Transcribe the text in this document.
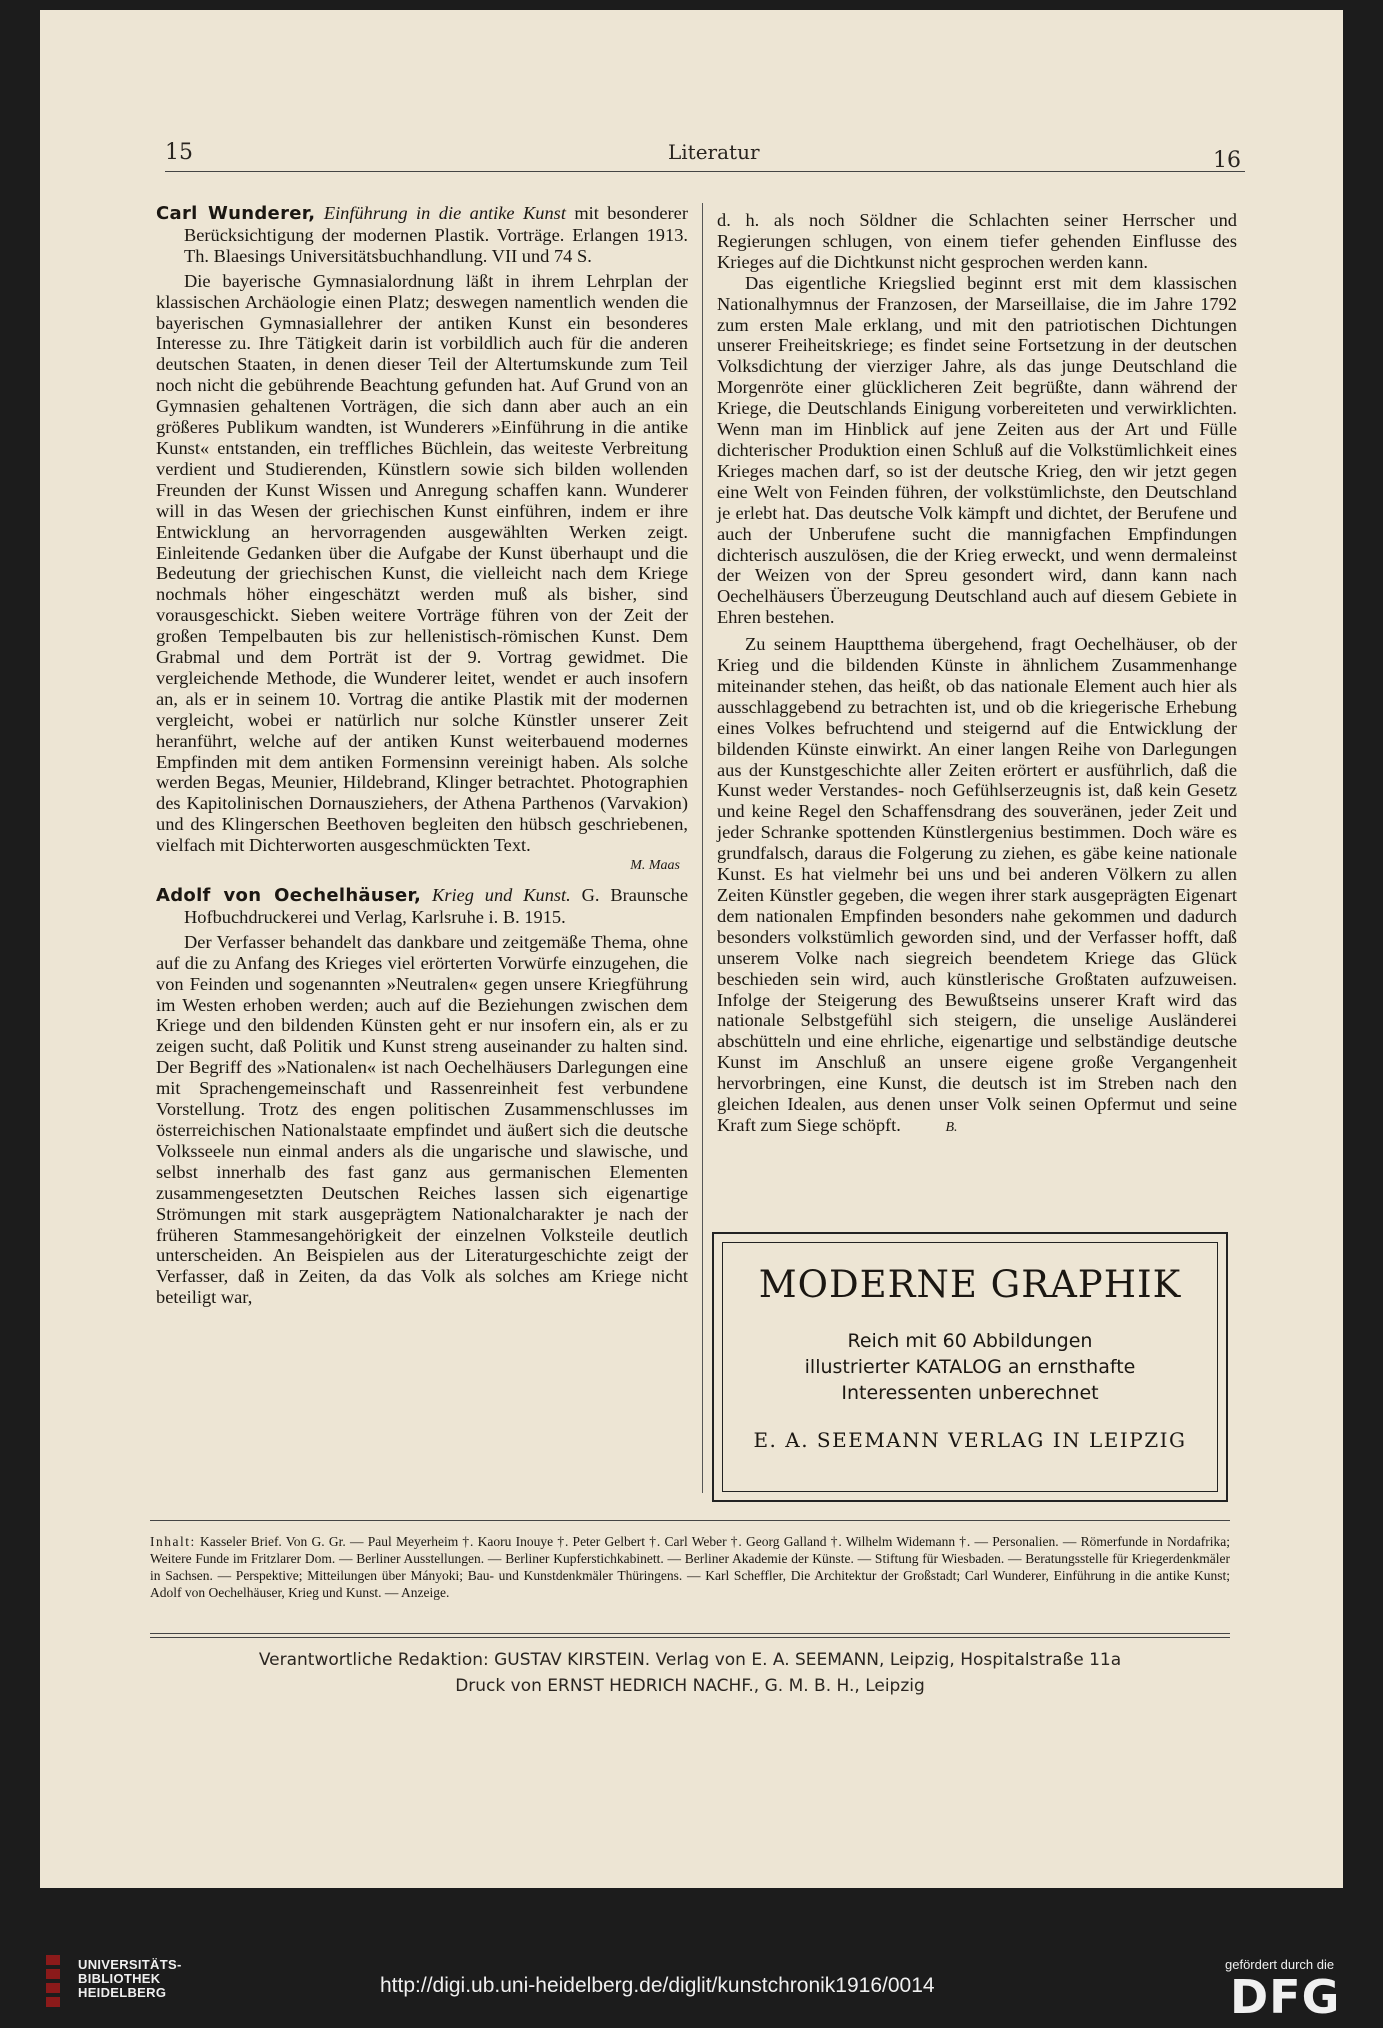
15	Literatur	16

Carl Wunderer, Einführung in die antike Kunst mit besonderer Berücksichtigung der modernen Plastik. Vorträge. Erlangen 1913. Th. Blaesings Universitätsbuchhandlung. VII und 74 S.

Die bayerische Gymnasialordnung läßt in ihrem Lehrplan der klassischen Archäologie einen Platz; deswegen namentlich wenden die bayerischen Gymnasiallehrer der antiken Kunst ein besonderes Interesse zu. Ihre Tätigkeit darin ist vorbildlich auch für die anderen deutschen Staaten, in denen dieser Teil der Altertumskunde zum Teil noch nicht die gebührende Beachtung gefunden hat. Auf Grund von an Gymnasien gehaltenen Vorträgen, die sich dann aber auch an ein größeres Publikum wandten, ist Wunderers »Einführung in die antike Kunst« entstanden, ein treffliches Büchlein, das weiteste Verbreitung verdient und Studierenden, Künstlern sowie sich bilden wollenden Freunden der Kunst Wissen und Anregung schaffen kann. Wunderer will in das Wesen der griechischen Kunst einführen, indem er ihre Entwicklung an hervorragenden ausgewählten Werken zeigt. Einleitende Gedanken über die Aufgabe der Kunst überhaupt und die Bedeutung der griechischen Kunst, die vielleicht nach dem Kriege nochmals höher eingeschätzt werden muß als bisher, sind vorausgeschickt. Sieben weitere Vorträge führen von der Zeit der großen Tempelbauten bis zur hellenistisch-römischen Kunst. Dem Grabmal und dem Porträt ist der 9. Vortrag gewidmet. Die vergleichende Methode, die Wunderer leitet, wendet er auch insofern an, als er in seinem 10. Vortrag die antike Plastik mit der modernen vergleicht, wobei er natürlich nur solche Künstler unserer Zeit heranführt, welche auf der antiken Kunst weiterbauend modernes Empfinden mit dem antiken Formensinn vereinigt haben. Als solche werden Begas, Meunier, Hildebrand, Klinger betrachtet. Photographien des Kapitolinischen Dornausziehers, der Athena Parthenos (Varvakion) und des Klingerschen Beethoven begleiten den hübsch geschriebenen, vielfach mit Dichterworten ausgeschmückten Text.

M. Maas

Adolf von Oechelhäuser, Krieg und Kunst. G. Braunsche Hofbuchdruckerei und Verlag, Karlsruhe i. B. 1915.

Der Verfasser behandelt das dankbare und zeitgemäße Thema, ohne auf die zu Anfang des Krieges viel erörterten Vorwürfe einzugehen, die von Feinden und sogenannten »Neutralen« gegen unsere Kriegführung im Westen erhoben werden; auch auf die Beziehungen zwischen dem Kriege und den bildenden Künsten geht er nur insofern ein, als er zu zeigen sucht, daß Politik und Kunst streng auseinander zu halten sind. Der Begriff des »Nationalen« ist nach Oechelhäusers Darlegungen eine mit Sprachengemeinschaft und Rassenreinheit fest verbundene Vorstellung. Trotz des engen politischen Zusammenschlusses im österreichischen Nationalstaate empfindet und äußert sich die deutsche Volksseele nun einmal anders als die ungarische und slawische, und selbst innerhalb des fast ganz aus germanischen Elementen zusammengesetzten Deutschen Reiches lassen sich eigenartige Strömungen mit stark ausgeprägtem Nationalcharakter je nach der früheren Stammesangehörigkeit der einzelnen Volksteile deutlich unterscheiden. An Beispielen aus der Literaturgeschichte zeigt der Verfasser, daß in Zeiten, da das Volk als solches am Kriege nicht beteiligt war,

d. h. als noch Söldner die Schlachten seiner Herrscher und Regierungen schlugen, von einem tiefer gehenden Einflusse des Krieges auf die Dichtkunst nicht gesprochen werden kann.

Das eigentliche Kriegslied beginnt erst mit dem klassischen Nationalhymnus der Franzosen, der Marseillaise, die im Jahre 1792 zum ersten Male erklang, und mit den patriotischen Dichtungen unserer Freiheitskriege; es findet seine Fortsetzung in der deutschen Volksdichtung der vierziger Jahre, als das junge Deutschland die Morgenröte einer glücklicheren Zeit begrüßte, dann während der Kriege, die Deutschlands Einigung vorbereiteten und verwirklichten. Wenn man im Hinblick auf jene Zeiten aus der Art und Fülle dichterischer Produktion einen Schluß auf die Volkstümlichkeit eines Krieges machen darf, so ist der deutsche Krieg, den wir jetzt gegen eine Welt von Feinden führen, der volkstümlichste, den Deutschland je erlebt hat. Das deutsche Volk kämpft und dichtet, der Berufene und auch der Unberufene sucht die mannigfachen Empfindungen dichterisch auszulösen, die der Krieg erweckt, und wenn dermaleinst der Weizen von der Spreu gesondert wird, dann kann nach Oechelhäusers Überzeugung Deutschland auch auf diesem Gebiete in Ehren bestehen.

Zu seinem Hauptthema übergehend, fragt Oechelhäuser, ob der Krieg und die bildenden Künste in ähnlichem Zusammenhange miteinander stehen, das heißt, ob das nationale Element auch hier als ausschlaggebend zu betrachten ist, und ob die kriegerische Erhebung eines Volkes befruchtend und steigernd auf die Entwicklung der bildenden Künste einwirkt. An einer langen Reihe von Darlegungen aus der Kunstgeschichte aller Zeiten erörtert er ausführlich, daß die Kunst weder Verstandes- noch Gefühlserzeugnis ist, daß kein Gesetz und keine Regel den Schaffensdrang des souveränen, jeder Zeit und jeder Schranke spottenden Künstlergenius bestimmen. Doch wäre es grundfalsch, daraus die Folgerung zu ziehen, es gäbe keine nationale Kunst. Es hat vielmehr bei uns und bei anderen Völkern zu allen Zeiten Künstler gegeben, die wegen ihrer stark ausgeprägten Eigenart dem nationalen Empfinden besonders nahe gekommen und dadurch besonders volkstümlich geworden sind, und der Verfasser hofft, daß unserem Volke nach siegreich beendetem Kriege das Glück beschieden sein wird, auch künstlerische Großtaten aufzuweisen. Infolge der Steigerung des Bewußtseins unserer Kraft wird das nationale Selbstgefühl sich steigern, die unselige Ausländerei abschütteln und eine ehrliche, eigenartige und selbständige deutsche Kunst im Anschluß an unsere eigene große Vergangenheit hervorbringen, eine Kunst, die deutsch ist im Streben nach den gleichen Idealen, aus denen unser Volk seinen Opfermut und seine Kraft zum Siege schöpft.	B.

MODERNE GRAPHIK
Reich mit 60 Abbildungen
illustrierter KATALOG an ernsthafte
Interessenten unberechnet
E. A. SEEMANN VERLAG IN LEIPZIG
Inhalt: Kasseler Brief. Von G. Gr. — Paul Meyerheim †. Kaoru Inouye †. Peter Gelbert †. Carl Weber †. Georg Galland †. Wilhelm Widemann †. — Personalien. — Römerfunde in Nordafrika; Weitere Funde im Fritzlarer Dom. — Berliner Ausstellungen. — Berliner Kupferstichkabinett. — Berliner Akademie der Künste. — Stiftung für Wiesbaden. — Beratungsstelle für Kriegerdenkmäler in Sachsen. — Perspektive; Mitteilungen über Mányoki; Bau- und Kunstdenkmäler Thüringens. — Karl Scheffler, Die Architektur der Großstadt; Carl Wunderer, Einführung in die antike Kunst; Adolf von Oechelhäuser, Krieg und Kunst. — Anzeige.
Verantwortliche Redaktion: GUSTAV KIRSTEIN. Verlag von E. A. SEEMANN, Leipzig, Hospitalstraße 11a
Druck von ERNST HEDRICH NACHF., G. M. B. H., Leipzig
UNIVERSITÄTS-
BIBLIOTHEK
HEIDELBERG	http://digi.ub.uni-heidelberg.de/diglit/kunstchronik1916/0014
gefördert durch die
DFG
